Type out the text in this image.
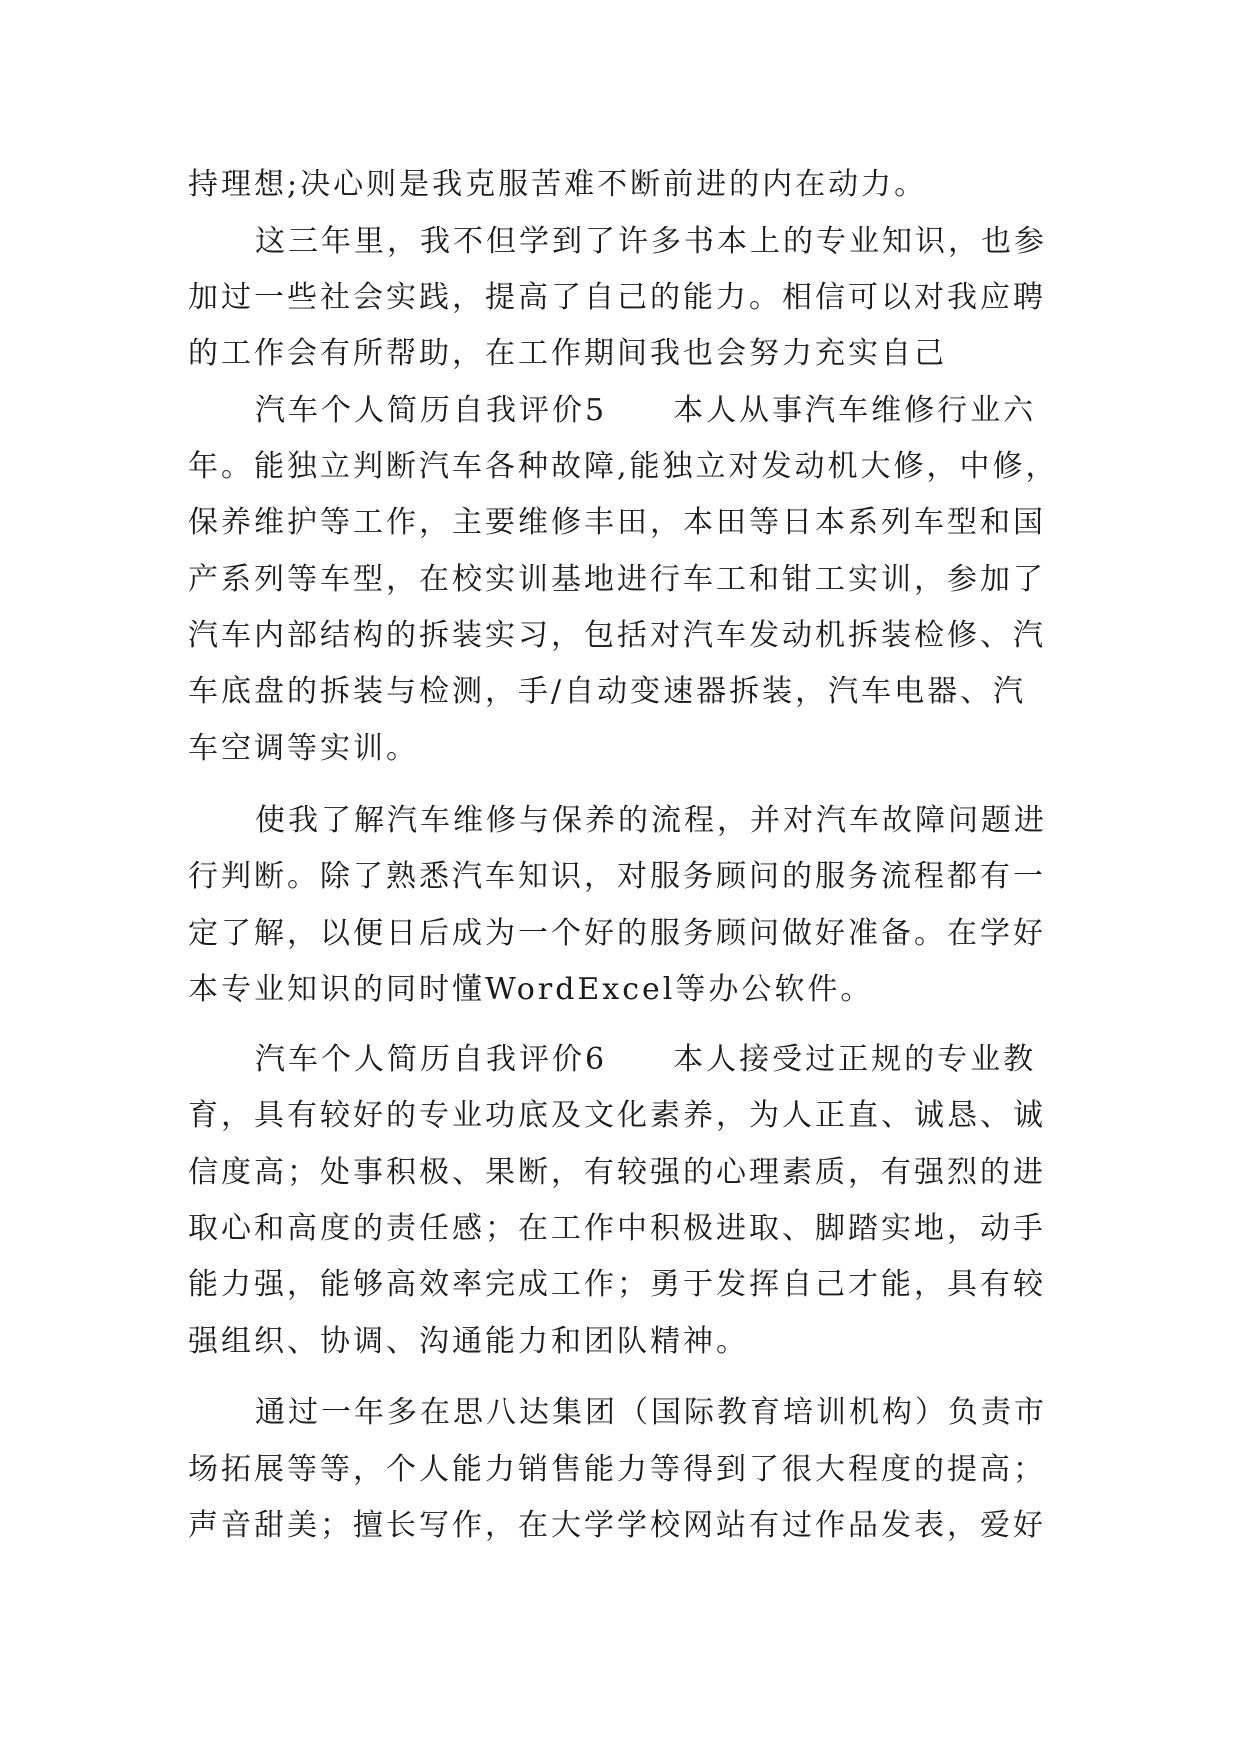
持理想;决心则是我克服苦难不断前进的内在动力。
这三年里，我不但学到了许多书本上的专业知识，也参
加过一些社会实践，提高了自己的能力。相信可以对我应聘
的工作会有所帮助，在工作期间我也会努力充实自己
汽车个人简历自我评价5　　本人从事汽车维修行业六
年。能独立判断汽车各种故障,能独立对发动机大修，中修，
保养维护等工作，主要维修丰田，本田等日本系列车型和国
产系列等车型，在校实训基地进行车工和钳工实训，参加了
汽车内部结构的拆装实习，包括对汽车发动机拆装检修、汽
车底盘的拆装与检测，手/自动变速器拆装，汽车电器、汽
车空调等实训。
使我了解汽车维修与保养的流程，并对汽车故障问题进
行判断。除了熟悉汽车知识，对服务顾问的服务流程都有一
定了解，以便日后成为一个好的服务顾问做好准备。在学好
本专业知识的同时懂WordExcel等办公软件。
汽车个人简历自我评价6　　本人接受过正规的专业教
育，具有较好的专业功底及文化素养，为人正直、诚恳、诚
信度高；处事积极、果断，有较强的心理素质，有强烈的进
取心和高度的责任感；在工作中积极进取、脚踏实地，动手
能力强，能够高效率完成工作；勇于发挥自己才能，具有较
强组织、协调、沟通能力和团队精神。
通过一年多在思八达集团（国际教育培训机构）负责市
场拓展等等，个人能力销售能力等得到了很大程度的提高；
声音甜美；擅长写作，在大学学校网站有过作品发表，爱好
